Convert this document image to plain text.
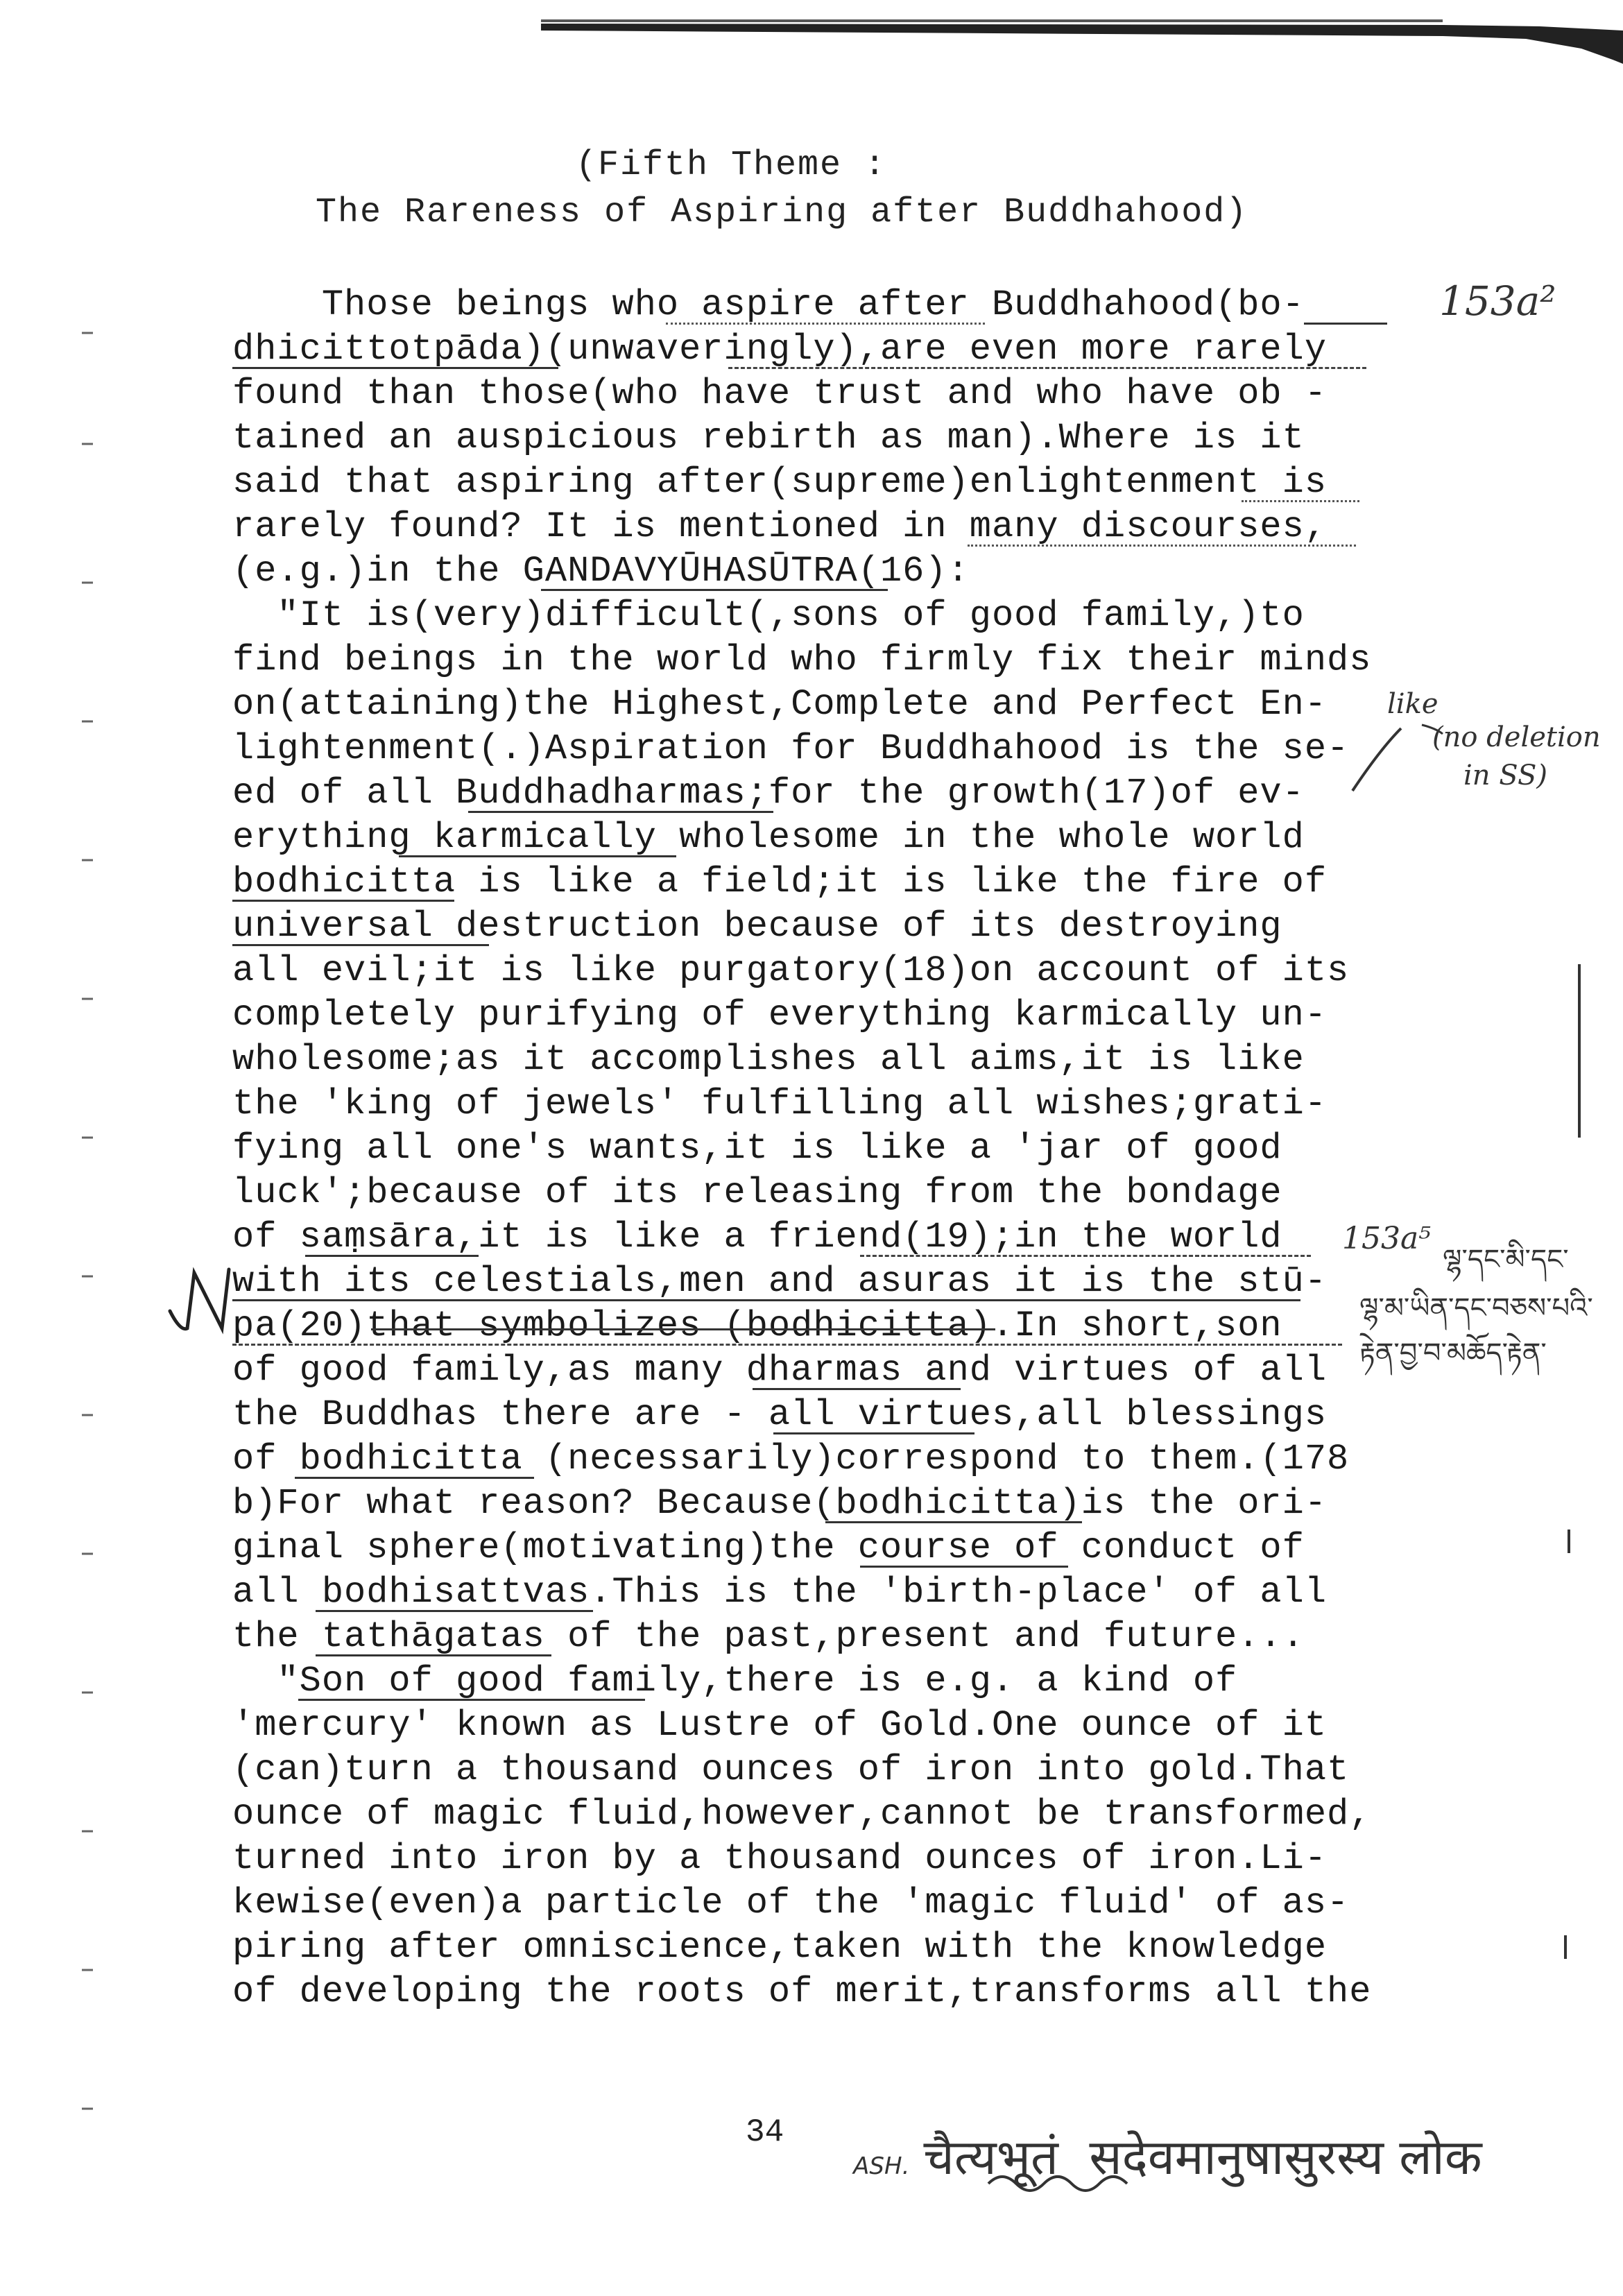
(Fifth Theme :
The Rareness of Aspiring after Buddhahood)
Those beings who aspire after Buddhahood(bo-
dhicittotpāda)(unwaveringly),are even more rarely
found than those(who have trust and who have ob -
tained an auspicious rebirth as man).Where is it
said that aspiring after(supreme)enlightenment is
rarely found? It is mentioned in many discourses,
(e.g.)in the GANDAVYŪHASŪTRA(16):
"It is(very)difficult(,sons of good family,)to
find beings in the world who firmly fix their minds
on(attaining)the Highest,Complete and Perfect En-
lightenment(.)Aspiration for Buddhahood is the se-
ed of all Buddhadharmas;for the growth(17)of ev-
erything karmically wholesome in the whole world
bodhicitta is like a field;it is like the fire of
universal destruction because of its destroying
all evil;it is like purgatory(18)on account of its
completely purifying of everything karmically un-
wholesome;as it accomplishes all aims,it is like
the 'king of jewels' fulfilling all wishes;grati-
fying all one's wants,it is like a 'jar of good
luck';because of its releasing from the bondage
of saṃsāra,it is like a friend(19);in the world
with its celestials,men and asuras it is the stū-
pa(20)that symbolizes (bodhicitta).In short,son
of good family,as many dharmas and virtues of all
the Buddhas there are - all virtues,all blessings
of bodhicitta (necessarily)correspond to them.(178
b)For what reason? Because(bodhicitta)is the ori-
ginal sphere(motivating)the course of conduct of
all bodhisattvas.This is the 'birth-place' of all
the tathāgatas of the past,present and future...
"Son of good family,there is e.g. a kind of
'mercury' known as Lustre of Gold.One ounce of it
(can)turn a thousand ounces of iron into gold.That
ounce of magic fluid,however,cannot be transformed,
turned into iron by a thousand ounces of iron.Li-
kewise(even)a particle of the 'magic fluid' of as-
piring after omniscience,taken with the knowledge
of developing the roots of merit,transforms all the
153a²
like
(no deletion
in SS)
153a⁵
ལྷ་དང་མི་དང་
ལྷ་མ་ཡིན་དང་བཅས་པའི་
རྟེན་བྱ་བ་མཆོད་རྟེན་
34

ASH. चैत्यभूतं  सदेवमानुषासुरस्य लोक
